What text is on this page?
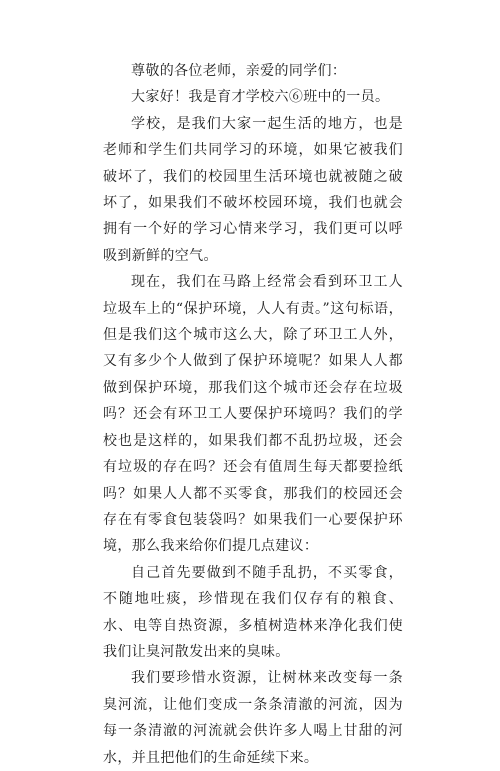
尊敬的各位老师，亲爱的同学们：

大家好！我是育才学校六⑥班中的一员。

学校，是我们大家一起生活的地方，也是老师和学生们共同学习的环境，如果它被我们破坏了，我们的校园里生活环境也就被随之破坏了，如果我们不破坏校园环境，我们也就会拥有一个好的学习心情来学习，我们更可以呼吸到新鲜的空气。

现在，我们在马路上经常会看到环卫工人垃圾车上的“保护环境，人人有责。”这句标语，但是我们这个城市这么大，除了环卫工人外，又有多少个人做到了保护环境呢？如果人人都做到保护环境，那我们这个城市还会存在垃圾吗？还会有环卫工人要保护环境吗？我们的学校也是这样的，如果我们都不乱扔垃圾，还会有垃圾的存在吗？还会有值周生每天都要捡纸吗？如果人人都不买零食，那我们的校园还会存在有零食包装袋吗？如果我们一心要保护环境，那么我来给你们提几点建议：

自己首先要做到不随手乱扔，不买零食，不随地吐痰，珍惜现在我们仅存有的粮食、水、电等自热资源，多植树造林来净化我们使我们让臭河散发出来的臭味。

我们要珍惜水资源，让树林来改变每一条臭河流，让他们变成一条条清澈的河流，因为每一条清澈的河流就会供许多人喝上甘甜的河水，并且把他们的生命延续下来。
